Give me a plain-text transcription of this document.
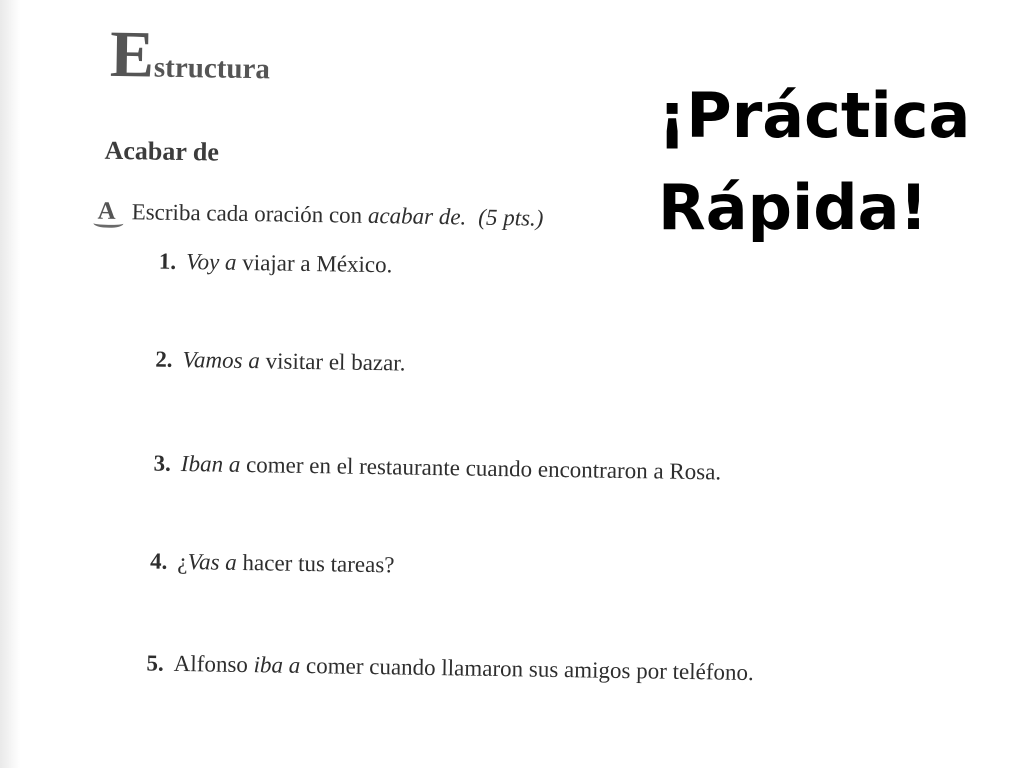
Estructura
Acabar de
A Escriba cada oración con acabar de. (5 pts.)
1. Voy a viajar a México.
2. Vamos a visitar el bazar.
3. Iban a comer en el restaurante cuando encontraron a Rosa.
4. ¿Vas a hacer tus tareas?
5. Alfonso iba a comer cuando llamaron sus amigos por teléfono.
¡Práctica
Rápida!
